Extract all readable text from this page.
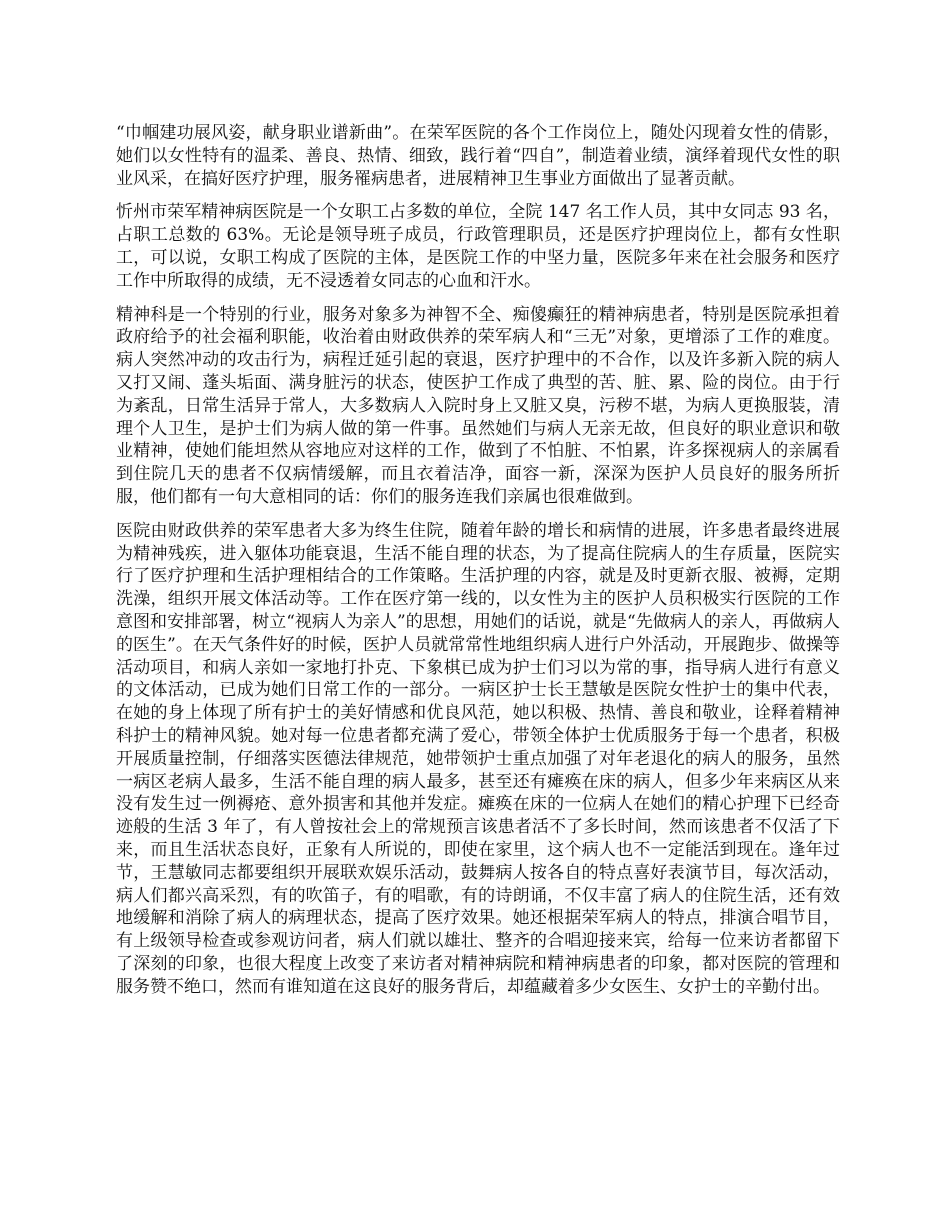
“巾帼建功展风姿，献身职业谱新曲”。在荣军医院的各个工作岗位上，随处闪现着女性的倩影，她们以女性特有的温柔、善良、热情、细致，践行着“四自”，制造着业绩，演绎着现代女性的职业风采，在搞好医疗护理，服务罹病患者，进展精神卫生事业方面做出了显著贡献。

忻州市荣军精神病医院是一个女职工占多数的单位，全院 147 名工作人员，其中女同志 93 名，占职工总数的 63%。无论是领导班子成员，行政管理职员，还是医疗护理岗位上，都有女性职工，可以说，女职工构成了医院的主体，是医院工作的中坚力量，医院多年来在社会服务和医疗工作中所取得的成绩，无不浸透着女同志的心血和汗水。

精神科是一个特别的行业，服务对象多为神智不全、痴傻癫狂的精神病患者，特别是医院承担着政府给予的社会福利职能，收治着由财政供养的荣军病人和“三无”对象，更增添了工作的难度。病人突然冲动的攻击行为，病程迁延引起的衰退，医疗护理中的不合作，以及许多新入院的病人又打又闹、蓬头垢面、满身脏污的状态，使医护工作成了典型的苦、脏、累、险的岗位。由于行为紊乱，日常生活异于常人，大多数病人入院时身上又脏又臭，污秽不堪，为病人更换服装，清理个人卫生，是护士们为病人做的第一件事。虽然她们与病人无亲无故，但良好的职业意识和敬业精神，使她们能坦然从容地应对这样的工作，做到了不怕脏、不怕累，许多探视病人的亲属看到住院几天的患者不仅病情缓解，而且衣着洁净，面容一新，深深为医护人员良好的服务所折服，他们都有一句大意相同的话：你们的服务连我们亲属也很难做到。

医院由财政供养的荣军患者大多为终生住院，随着年龄的增长和病情的进展，许多患者最终进展为精神残疾，进入躯体功能衰退，生活不能自理的状态，为了提高住院病人的生存质量，医院实行了医疗护理和生活护理相结合的工作策略。生活护理的内容，就是及时更新衣服、被褥，定期洗澡，组织开展文体活动等。工作在医疗第一线的，以女性为主的医护人员积极实行医院的工作意图和安排部署，树立“视病人为亲人”的思想，用她们的话说，就是“先做病人的亲人，再做病人的医生”。在天气条件好的时候，医护人员就常常性地组织病人进行户外活动，开展跑步、做操等活动项目，和病人亲如一家地打扑克、下象棋已成为护士们习以为常的事，指导病人进行有意义的文体活动，已成为她们日常工作的一部分。一病区护士长王慧敏是医院女性护士的集中代表，在她的身上体现了所有护士的美好情感和优良风范，她以积极、热情、善良和敬业，诠释着精神科护士的精神风貌。她对每一位患者都充满了爱心，带领全体护士优质服务于每一个患者，积极开展质量控制，仔细落实医德法律规范，她带领护士重点加强了对年老退化的病人的服务，虽然一病区老病人最多，生活不能自理的病人最多，甚至还有瘫痪在床的病人，但多少年来病区从来没有发生过一例褥疮、意外损害和其他并发症。瘫痪在床的一位病人在她们的精心护理下已经奇迹般的生活 3 年了，有人曾按社会上的常规预言该患者活不了多长时间，然而该患者不仅活了下来，而且生活状态良好，正象有人所说的，即使在家里，这个病人也不一定能活到现在。逢年过节，王慧敏同志都要组织开展联欢娱乐活动，鼓舞病人按各自的特点喜好表演节目，每次活动，病人们都兴高采烈，有的吹笛子，有的唱歌，有的诗朗诵，不仅丰富了病人的住院生活，还有效地缓解和消除了病人的病理状态，提高了医疗效果。她还根据荣军病人的特点，排演合唱节目，有上级领导检查或参观访问者，病人们就以雄壮、整齐的合唱迎接来宾，给每一位来访者都留下了深刻的印象，也很大程度上改变了来访者对精神病院和精神病患者的印象，都对医院的管理和服务赞不绝口，然而有谁知道在这良好的服务背后，却蕴藏着多少女医生、女护士的辛勤付出。
